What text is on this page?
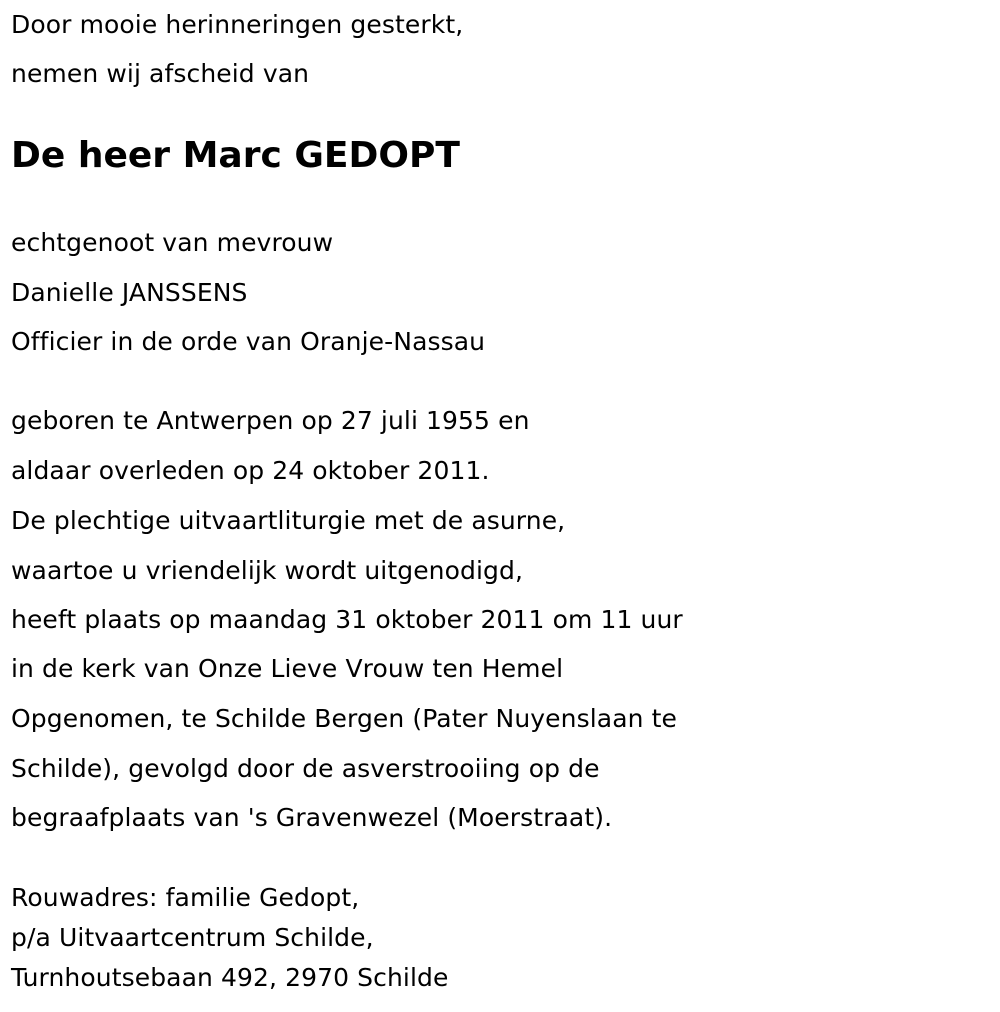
Door mooie herinneringen gesterkt,
nemen wij afscheid van
De heer Marc GEDOPT
echtgenoot van mevrouw
Danielle JANSSENS
Officier in de orde van Oranje-Nassau
geboren te Antwerpen op 27 juli 1955 en
aldaar overleden op 24 oktober 2011.
De plechtige uitvaartliturgie met de asurne,
waartoe u vriendelijk wordt uitgenodigd,
heeft plaats op maandag 31 oktober 2011 om 11 uur
in de kerk van Onze Lieve Vrouw ten Hemel
Opgenomen, te Schilde Bergen (Pater Nuyenslaan te
Schilde), gevolgd door de asverstrooiing op de
begraafplaats van 's Gravenwezel (Moerstraat).
Rouwadres: familie Gedopt,
p/a Uitvaartcentrum Schilde,
Turnhoutsebaan 492, 2970 Schilde
